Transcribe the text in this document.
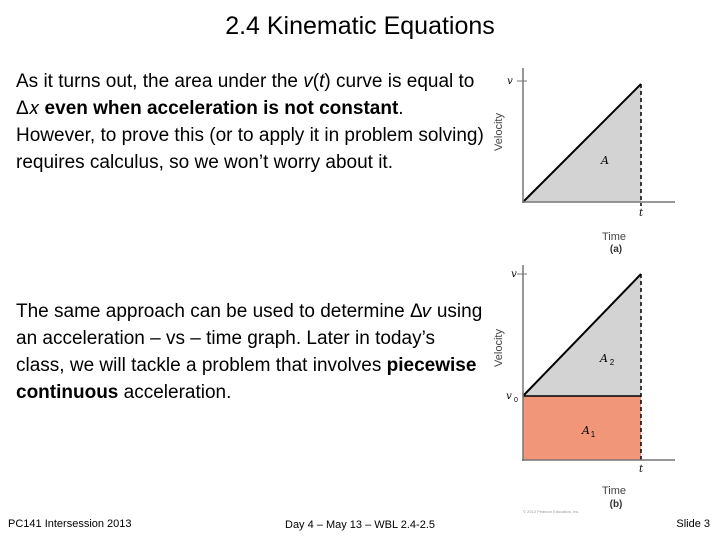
2.4 Kinematic Equations
As it turns out, the area under the v(t) curve is equal to Δ𝑥 even when acceleration is not constant. However, to prove this (or to apply it in problem solving) requires calculus, so we won’t worry about it.
The same approach can be used to determine Δ𝑣 using an acceleration – vs – time graph. Later in today’s class, we will tackle a problem that involves piecewise continuous acceleration.
v
t
A
Velocity
Time
(a)
v
v 0
t
A 2
A 1
Velocity
Time
(b)
© 2013 Pearson Education, Inc.
PC141 Intersession 2013	Day 4 – May 13 – WBL 2.4-2.5	Slide 3
